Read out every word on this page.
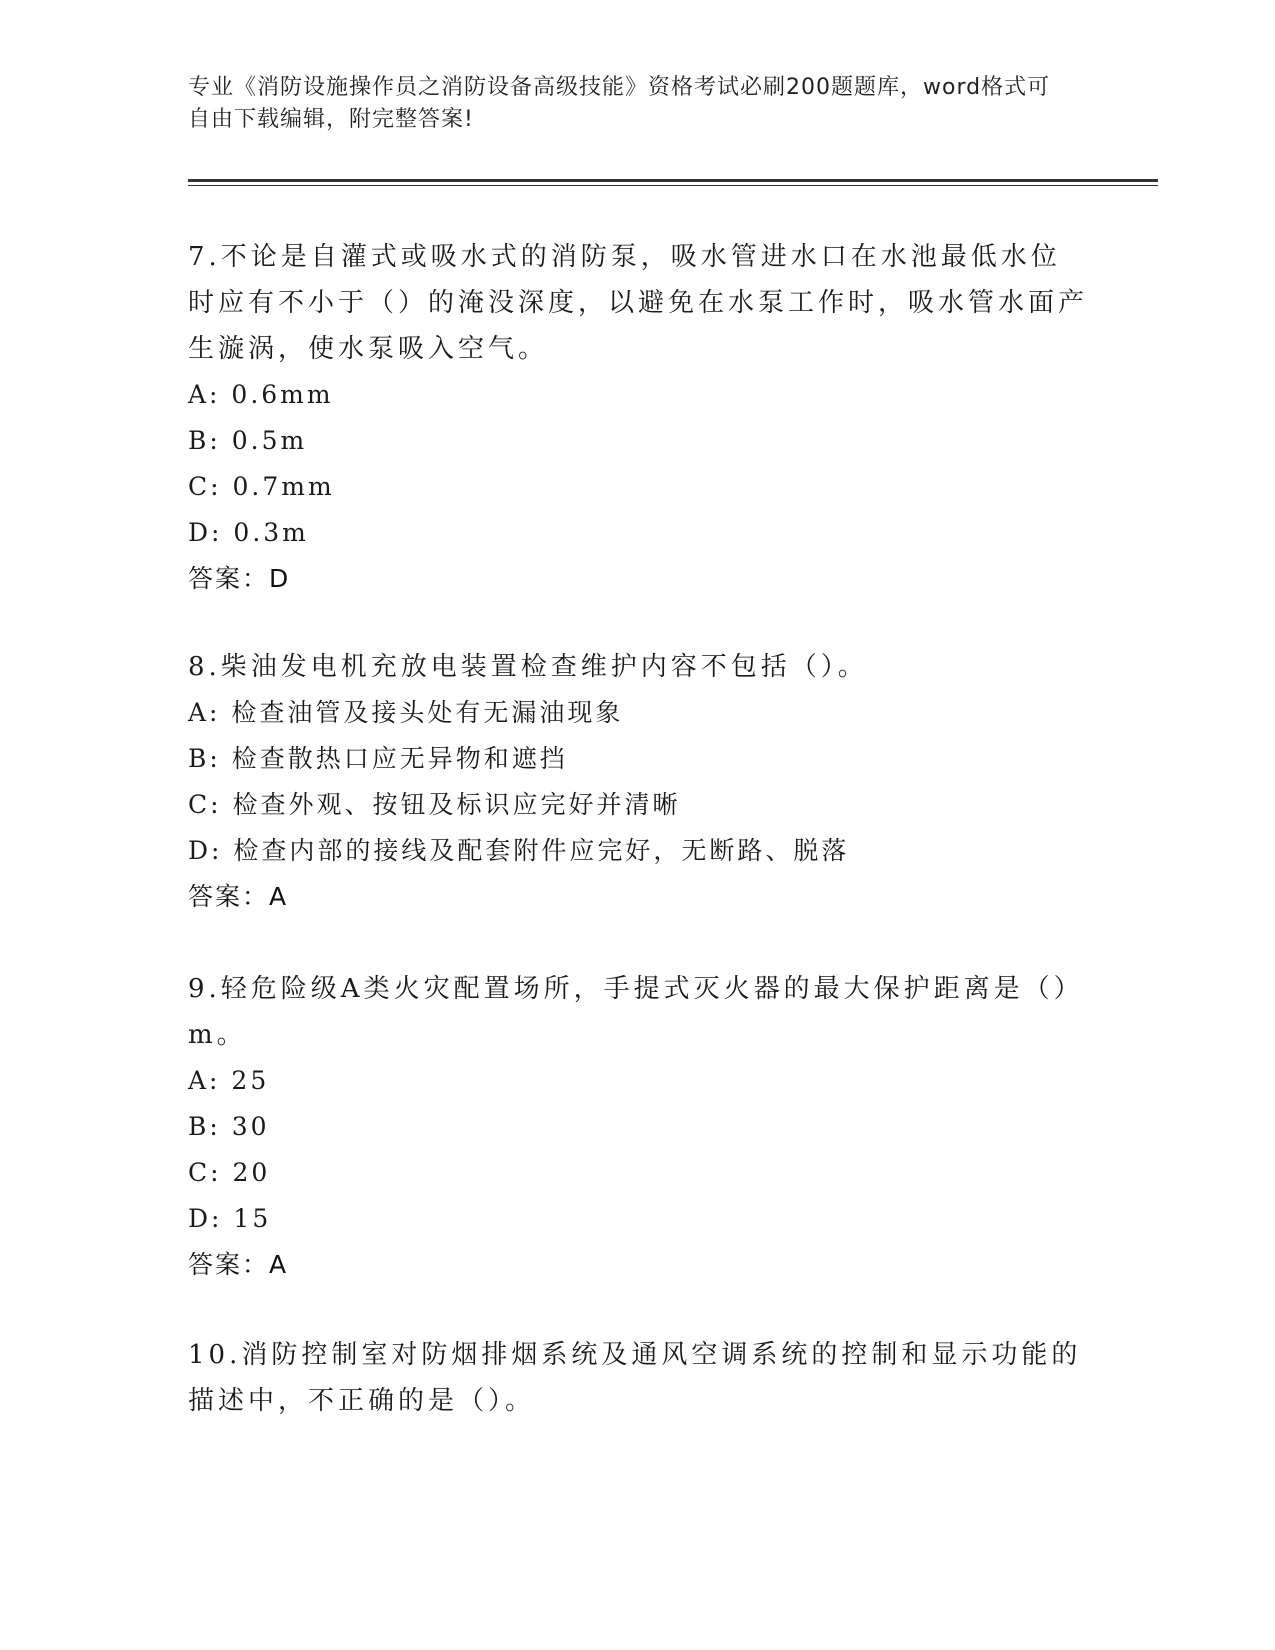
专业《消防设施操作员之消防设备高级技能》资格考试必刷200题题库，word格式可自由下载编辑，附完整答案!

7.不论是自灌式或吸水式的消防泵，吸水管进水口在水池最低水位时应有不小于（）的淹没深度，以避免在水泵工作时，吸水管水面产生漩涡，使水泵吸入空气。

A: 0.6mm

B: 0.5m

C: 0.7mm

D: 0.3m

答案：D

8.柴油发电机充放电装置检查维护内容不包括（）。

A: 检查油管及接头处有无漏油现象

B: 检查散热口应无异物和遮挡

C: 检查外观、按钮及标识应完好并清晰

D: 检查内部的接线及配套附件应完好，无断路、脱落

答案：A

9.轻危险级A类火灾配置场所，手提式灭火器的最大保护距离是（）m。

A: 25

B: 30

C: 20

D: 15

答案：A

10.消防控制室对防烟排烟系统及通风空调系统的控制和显示功能的描述中，不正确的是（）。
